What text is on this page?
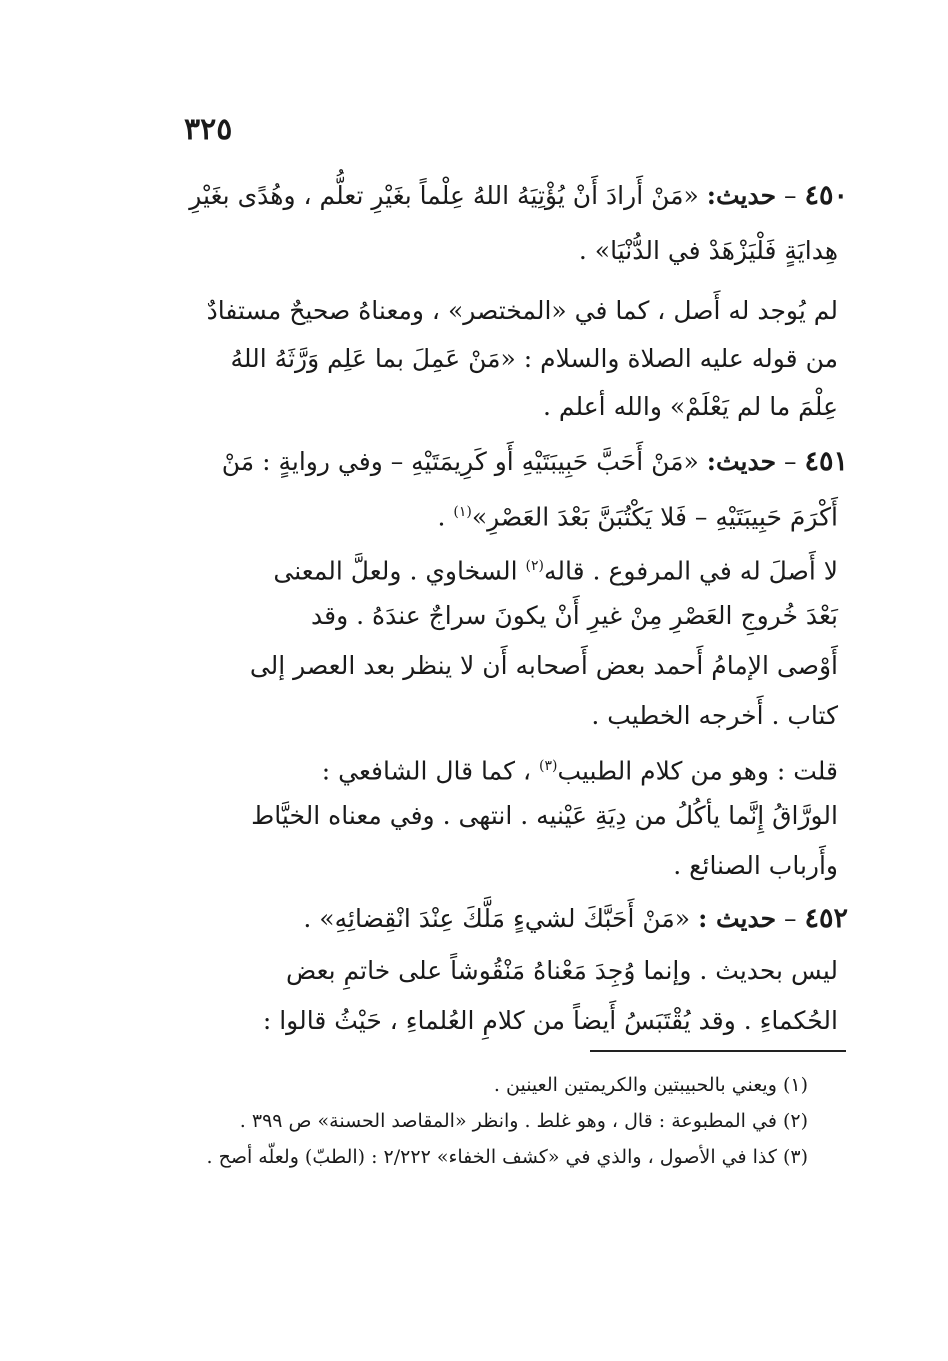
٣٢٥
٤٥٠ – حديث: «مَنْ أَرادَ أَنْ يُؤْتِيَهُ اللهُ عِلْماً بغَيْرِ تعلُّم ، وهُدًى بغَيْرِ
هِدايَةٍ فَلْيَزْهَدْ في الدُّنْيَا» .
لم يُوجد له أَصل ، كما في «المختصر» ، ومعناهُ صحيحٌ مستفادٌ
من قوله عليه الصلاة والسلام : «مَنْ عَمِلَ بما عَلِم وَرَّثَهُ اللهُ
عِلْمَ ما لم يَعْلَمْ» والله أعلم .
٤٥١ – حديث: «مَنْ أَحَبَّ حَبِيبَتَيْهِ أَو كَرِيمَتَيْهِ – وفي روايةٍ : مَنْ
أَكْرَمَ حَبِيبَتَيْهِ – فَلا يَكْتُبَنَّ بَعْدَ العَصْرِ»$^{(١)}$ .
لا أَصلَ له في المرفوع . قاله$^{(٢)}$ السخاوي . ولعلَّ المعنى
بَعْدَ خُروجِ العَصْرِ مِنْ غيرِ أَنْ يكونَ سراجٌ عندَهُ . وقد
أَوْصى الإمامُ أَحمد بعض أَصحابه أَن لا ينظر بعد العصر إلى
كتاب . أَخرجه الخطيب .
قلت : وهو من كلام الطبيب$^{(٣)}$ ، كما قال الشافعي :
الورَّاقُ إِنَّما يأكُلُ من دِيَةِ عَيْنيه . انتهى . وفي معناه الخيَّاط
وأَرباب الصنائع .
٤٥٢ – حديث : «مَنْ أَحَبَّكَ لشيءٍ مَلَّكَ عِنْدَ انْقِضائِهِ» .
ليس بحديث . وإنما وُجِدَ مَعْناهُ مَنْقُوشاً على خاتمِ بعض
الحُكماءِ . وقد يُقْتَبَسُ أَيضاً من كلامِ العُلماءِ ، حَيْثُ قالوا :
(١) ويعني بالحبيبتين والكريمتين العينين .
(٢) في المطبوعة : قال ، وهو غلط . وانظر «المقاصد الحسنة» ص ٣٩٩ .
(٣) كذا في الأصول ، والذي في «كشف الخفاء» ٢/٢٢٢ : (الطبّ) ولعلّه أصح .
